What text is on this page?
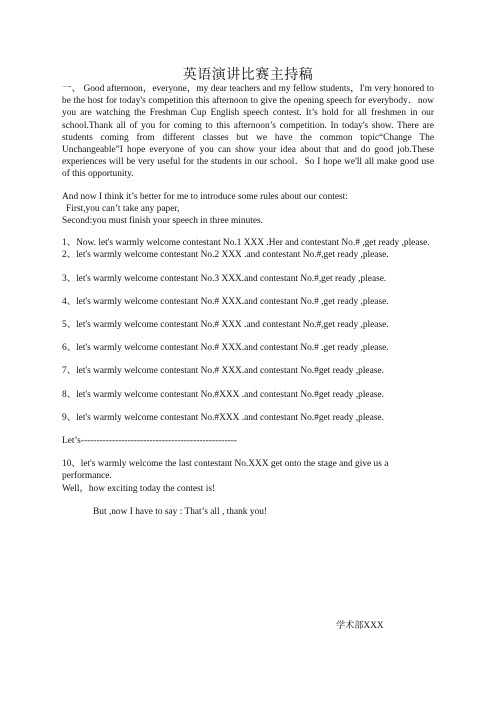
英语演讲比赛主持稿

一、 Good afternoon，everyone，my dear teachers and my fellow students，I'm very honored to be the host for today's competition this afternoon to give the opening speech for everybody．now you are watching the Freshman Cup English speech contest. It’s hold for all freshmen in our school.Thank all of you for coming to this afternoon’s competition. In today's show. There are students coming from different classes but we have the common topic“Change The Unchangeable”I hope everyone of you can show your idea about that and do good job.These experiences will be very useful for the students in our school．So I hope we'll all make good use of this opportunity.

And now I think it’s better for me to introduce some rules about our contest:

First,you can’t take any paper,

Second:you must finish your speech in three minutes.

1、Now. let's warmly welcome contestant No.1 XXX .Her and contestant No.# ,get ready ,please.

2、let's warmly welcome contestant No.2 XXX .and contestant No.#,get ready ,please.

3、let's warmly welcome contestant No.3 XXX.and contestant No.#,get ready ,please.

4、let's warmly welcome contestant No.# XXX.and contestant No.# ,get ready ,please.

5、let's warmly welcome contestant No.# XXX .and contestant No.#,get ready ,please.

6、let's warmly welcome contestant No.# XXX.and contestant No.# .get ready ,please.

7、let's warmly welcome contestant No.# XXX.and contestant No.#get ready ,please.

8、let's warmly welcome contestant No.#XXX .and contestant No.#get ready ,please.

9、let's warmly welcome contestant No.#XXX .and contestant No.#get ready ,please.

Let’s--------------------------------------------------

10、let's warmly welcome the last contestant No.XXX get onto the stage and give us a performance.

Well，how exciting today the contest is!

But ,now I have to say : That’s all , thank you!

学术部XXX
